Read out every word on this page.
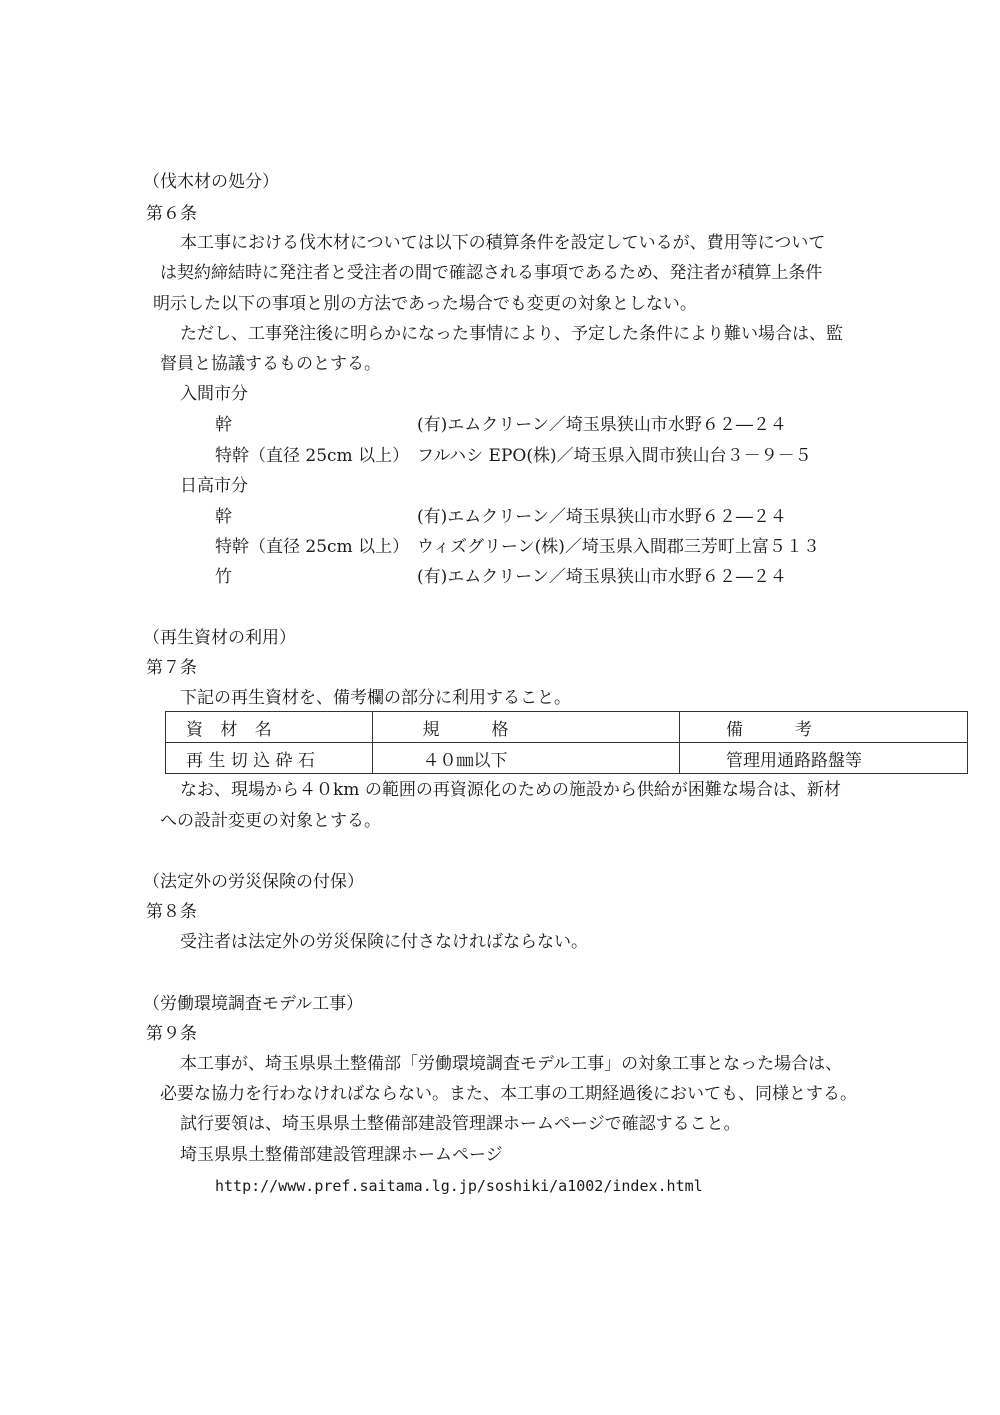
（伐木材の処分）

第６条

本工事における伐木材については以下の積算条件を設定しているが、費用等について

は契約締結時に発注者と受注者の間で確認される事項であるため、発注者が積算上条件

明示した以下の事項と別の方法であった場合でも変更の対象としない。

ただし、工事発注後に明らかになった事情により、予定した条件により難い場合は、監

督員と協議するものとする。

入間市分

幹	(有)エムクリーン／埼玉県狭山市水野６２―２４

特幹（直径 25cm 以上） フルハシ EPO(株)／埼玉県入間市狭山台３－９－５

日高市分

幹	(有)エムクリーン／埼玉県狭山市水野６２―２４

特幹（直径 25cm 以上） ウィズグリーン(株)／埼玉県入間郡三芳町上富５１３

竹	(有)エムクリーン／埼玉県狭山市水野６２―２４

（再生資材の利用）

第７条

下記の再生資材を、備考欄の部分に利用すること。

資 材 名	規　　格	備　　考
再 生 切 込 砕 石	４０㎜以下	管理用通路路盤等

なお、現場から４０km の範囲の再資源化のための施設から供給が困難な場合は、新材

への設計変更の対象とする。

（法定外の労災保険の付保）

第８条

受注者は法定外の労災保険に付さなければならない。

（労働環境調査モデル工事）

第９条

本工事が、埼玉県県土整備部「労働環境調査モデル工事」の対象工事となった場合は、

必要な協力を行わなければならない。また、本工事の工期経過後においても、同様とする。

試行要領は、埼玉県県土整備部建設管理課ホームページで確認すること。

埼玉県県土整備部建設管理課ホームページ

http://www.pref.saitama.lg.jp/soshiki/a1002/index.html
